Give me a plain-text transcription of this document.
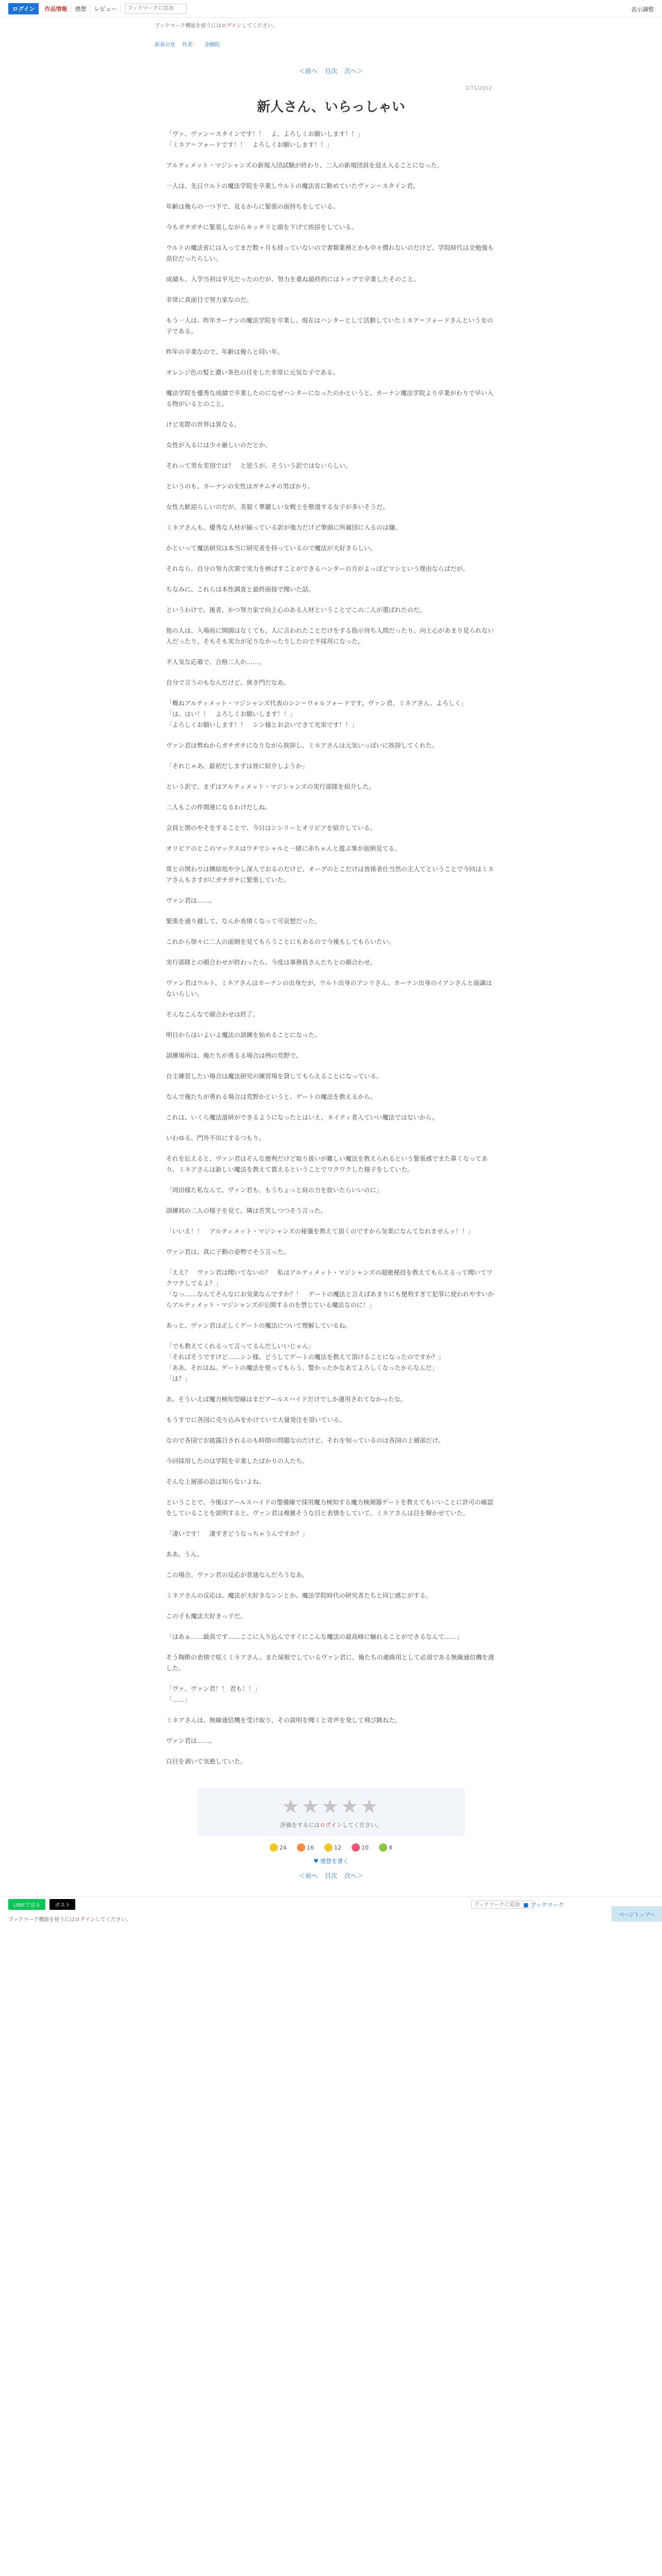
ログイン	作品情報	感想	レビュー
ブックマークに追加	表示調整
ブックマーク機能を使うにはログインしてください。
新着の星 作者： 金剛院
＜前へ 目次 次へ＞
2/71/2012
新人さん、いらっしゃい

「ヴァ、ヴァン＝スタインです！！　よ、よろしくお願いします！！」
「ミネア＝フォードです！！　よろしくお願いします！！」

アルティメット・マジシャンズの新規入団試験が終わり、二人の新規団員を迎え入ることになった。

一人は、先日ウルトの魔法学院を卒業しウルトの魔法省に勤めていたヴァン＝スタイン君。

年齢は俺らの一つ下で、見るからに緊張の面持ちをしている。

今もガチガチに緊張しながらキッチリと頭を下げて挨拶をしている。

ウルトの魔法省には入ってまだ数ヶ月も経っていないので書類業務とかも中々慣れないのだけど、学院時代は全勉強も高位だったらしい。

成績も、入学当初は平凡だったのだが、努力を重ね最終的にはトップで卒業したそのこと。

非常に真面目で努力家なのだ。

もう一人は、昨年カーナンの魔法学院を卒業し、現在はハンターとして活動していたミネア＝フォードさんという女の子である。

昨年の卒業なので、年齢は俺らと同い年。

オレンジ色の髪と濃い茶色の目をした非常に元気な子である。

魔法学院を優秀な成績で卒業したのになぜハンターになったのかというと、カーナン魔法学院より卒業がわりで早い入る物がいるとのこと。

けど実際の世界は異なる。

女性が入るには少々厳しいのだとか。

それって男女差別では？　と思うが、そういう訳ではないらしい。

というのも、カーナンの女性はガチムチの男ばかり。

女性大歓迎らしいのだが、美貌く華麗しい女戦士を敬遠する女子が多いそうだ。

ミネアさんも、優秀な人材が揃っている訳が強力だけど筆頭に所属団に入るのは嫌。

かといって魔法研究は本当に研究者を持っているので魔法が大好きらしい。

それなら、自分の努力次第で実力を伸ばすことができるハンターの方がよっぽどマシという理由ならばだが。

ちなみに、これらは本性調査と最終面接で聞いた話。

というわけで、後者、かつ努力家で向上心のある人材ということでこの二人が選ばれたのだ。

他の人は、入場前に開園はなくても、人に言われたことだけをする指示待ち人間だったり、向上心があまり見られない人だったり、そもそも実力が足りなかったりしたので不採用になった。

不人気な応募で、合格二人か……。

自分で言うのもなんだけど、狭き門だなあ。

「概ねアルティメット・マジシャンズ代表のシン＝ウォルフォードです。ヴァン君、ミネアさん、よろしく」
「は、はい！！　よろしくお願いします！！」
「よろしくお願いします！！　シン様とお会いできて光栄です！！」

ヴァン君は勢ねからガチガチになりながら挨拶し、ミネアさんは元気いっぱいに挨拶してくれた。

「それじゃあ、最初だしまずは皆に紹介しようか」

という訳で、まずはアルティメット・マジシャンズの実行部隊を紹介した。

二人もこの件関連になるわけだしね。

会員と関のやそをすることで、今日はシシリーとオリビアを紹介している。

オリビアのとこのマックスはウチでシャルと一緒に赤ちゃんと遊ぶ事が面倒見てる。

常との関わりは構結処や少し深入でおるのだけど、オーグのとこだけは皆係者仕当然の主人てということで今回はミネアさんもさすがにガチガチに緊張していた。

ヴァン君は……。

緊張を通り越して、なんか表情くなって可哀想だった。

これから徐々に二人の面倒を見てもらうことにもあるので今後もしてもらいたい。

実行部隊との顔合わせが終わったら、今度は事務員さんたちとの顔合わせ。

ヴァン君はウルト、ミネアさんはカーナンの出身だが、ウルト出身のアンリさん、カーナン出身のイアンさんと面識はないらしい。

そんなこんなで顔合わせは終了。

明日からはいよいよ魔法の訓練を始めることになった。

訓練場所は、俺たちが勇るる場合は例の荒野で、

自主練習したい場合は魔法研究の練習場を貸してもらえることになっている。

なんで俺たちが勇れる場合は荒野かというと、ゲートの魔法を教えるから。

これは、いくら魔法道研ができるようになったとはいえ、ネイティ者入ていい魔法ではないから。

いわゆる、門外不出にするつもり。

それを伝えると、ヴァン君はそんな便利だけど取り扱いが難しい魔法を教えられるという緊張感でまた鼻くなってあり、ミネアさんは新しい魔法を教えて貰えるということでワクワクした様子をしていた。

「岡田様た私なんて、ヴァン君も、もうちょっと肩の力を抜いたらいいのに」

訓練初の二人の様子を見て、隣は苦笑しつつそう言った。

「いいえ！！　アルティメット・マジシャンズの秘儀を教えて頂くのですから気楽になんてなれませんッ！！」

ヴァン君は、真に子動の姿勢でそう言った。

「ええ？　ヴァン君は聞いてないの？　私はアルティメット・マジシャンズの超絶秘技を教えてもらえるって聞いてワクワクしてるよ？」
「なっ……なんてそんなにお気楽なんですか？！　ゲートの魔法と言えばあまりにも便利すぎて犯罪に使われやすいからアルティメット・マジシャンズが公開するのを禁じている魔法なのに！」

あっと、ヴァン君は正しくゲートの魔法について理解しているね。

「でも教えてくれるって言ってるんだしいいじゃん」
「そればそうですけど……シン様、どうしてゲートの魔法を教えて頂けることになったのですか？」
「ああ、それはね。ゲートの魔法を使ってもらう、警かったかなあてよろしくなったからなんだ」
「は？」

あ、そういえば魔力検知型線はまだアールスハイドだけでしか運用されてなかったな。

もうすでに各国に売り込みをかけていて大量発注を頂いている。

なので各国でお披露目されるのも時間の問題なのだけど、それを知っているのは各国の上層部だけ。

今回採用したのは学院を卒業したばかりの人たち。

そんな上層部の話は知らないよね。

ということで、今後はアールスハイドの警備線で採用魔力検知する魔力検測器ゲートを教えてもいいことに許可の確認をしていることを説明すると、ヴァン君は複雑そうな目と表情をしていて、ミネアさんは目を輝かせていた。

「凄いです！　凄すぎどうなっちゃうんですか？」

ああ、うん。

この場合、ヴァン君の反応が普通なんだろうなあ。

ミネアさんの反応は、魔法が大好きなシンとか、魔法学院時代の研究者たちと同じ感じがする。

この子も魔法大好きっ子だ。

「はあぁ……最高です……ここに入り込んですぐにこんな魔法の最高峰に触れることができるなんて……」

そう陶酔の表情で呟くミネアさん。また屋根でしているヴァン君に、俺たちの連絡用として必須である無線通信機を渡した。

「ヴァ、ヴァン君！！ 君も！！」
「……」

ミネアさんは、無線通信機を受け取り、その説明を聞くと奇声を発して飛び跳ねた。

ヴァン君は……。

白目を剥いて気絶していた。

ページトップへ
★★★★★
評価をするにはログインしてください。
24	16	12	10	8
♥ 感想を書く
＜前へ 目次 次へ＞
LINEで送る	ポスト
ブックマークに追加	■ ブックマーク
ブックマーク機能を使うにはログインしてください。
